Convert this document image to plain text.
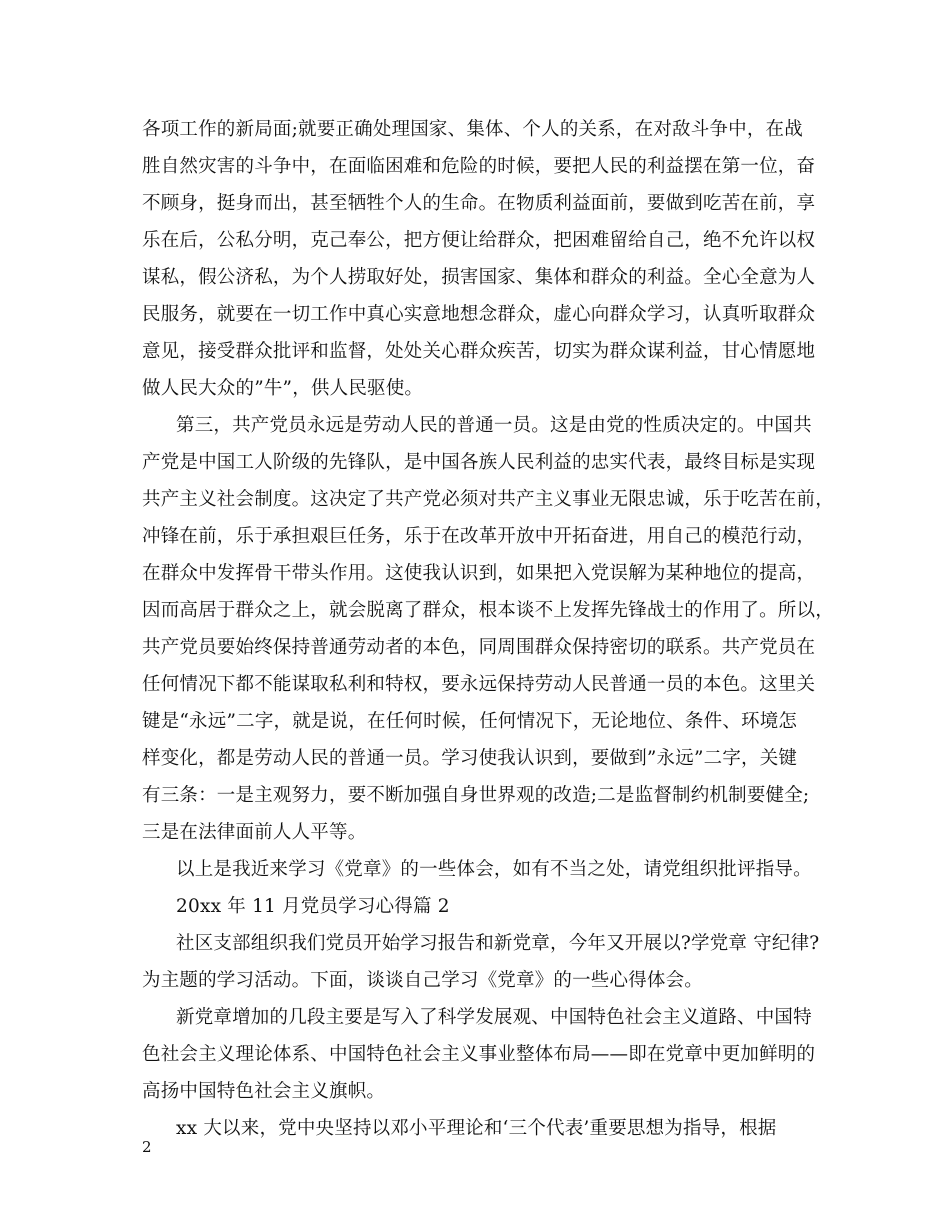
各项工作的新局面;就要正确处理国家、集体、个人的关系，在对敌斗争中，在战
胜自然灾害的斗争中，在面临困难和危险的时候，要把人民的利益摆在第一位，奋
不顾身，挺身而出，甚至牺牲个人的生命。在物质利益面前，要做到吃苦在前，享
乐在后，公私分明，克己奉公，把方便让给群众，把困难留给自己，绝不允许以权
谋私，假公济私，为个人捞取好处，损害国家、集体和群众的利益。全心全意为人
民服务，就要在一切工作中真心实意地想念群众，虚心向群众学习，认真听取群众
意见，接受群众批评和监督，处处关心群众疾苦，切实为群众谋利益，甘心情愿地
做人民大众的”牛”，供人民驱使。
第三，共产党员永远是劳动人民的普通一员。这是由党的性质决定的。中国共
产党是中国工人阶级的先锋队，是中国各族人民利益的忠实代表，最终目标是实现
共产主义社会制度。这决定了共产党必须对共产主义事业无限忠诚，乐于吃苦在前，
冲锋在前，乐于承担艰巨任务，乐于在改革开放中开拓奋进，用自己的模范行动，
在群众中发挥骨干带头作用。这使我认识到，如果把入党误解为某种地位的提高，
因而高居于群众之上，就会脱离了群众，根本谈不上发挥先锋战士的作用了。所以，
共产党员要始终保持普通劳动者的本色，同周围群众保持密切的联系。共产党员在
任何情况下都不能谋取私利和特权，要永远保持劳动人民普通一员的本色。这里关
键是“永远”二字，就是说，在任何时候，任何情况下，无论地位、条件、环境怎
样变化，都是劳动人民的普通一员。学习使我认识到，要做到”永远”二字，关键
有三条：一是主观努力，要不断加强自身世界观的改造;二是监督制约机制要健全;
三是在法律面前人人平等。
以上是我近来学习《党章》的一些体会，如有不当之处，请党组织批评指导。
20xx 年 11 月党员学习心得篇 2
社区支部组织我们党员开始学习报告和新党章，今年又开展以?学党章 守纪律?
为主题的学习活动。下面，谈谈自己学习《党章》的一些心得体会。
新党章增加的几段主要是写入了科学发展观、中国特色社会主义道路、中国特
色社会主义理论体系、中国特色社会主义事业整体布局——即在党章中更加鲜明的
高扬中国特色社会主义旗帜。
xx 大以来，党中央坚持以邓小平理论和‘三个代表’重要思想为指导，根据
2
